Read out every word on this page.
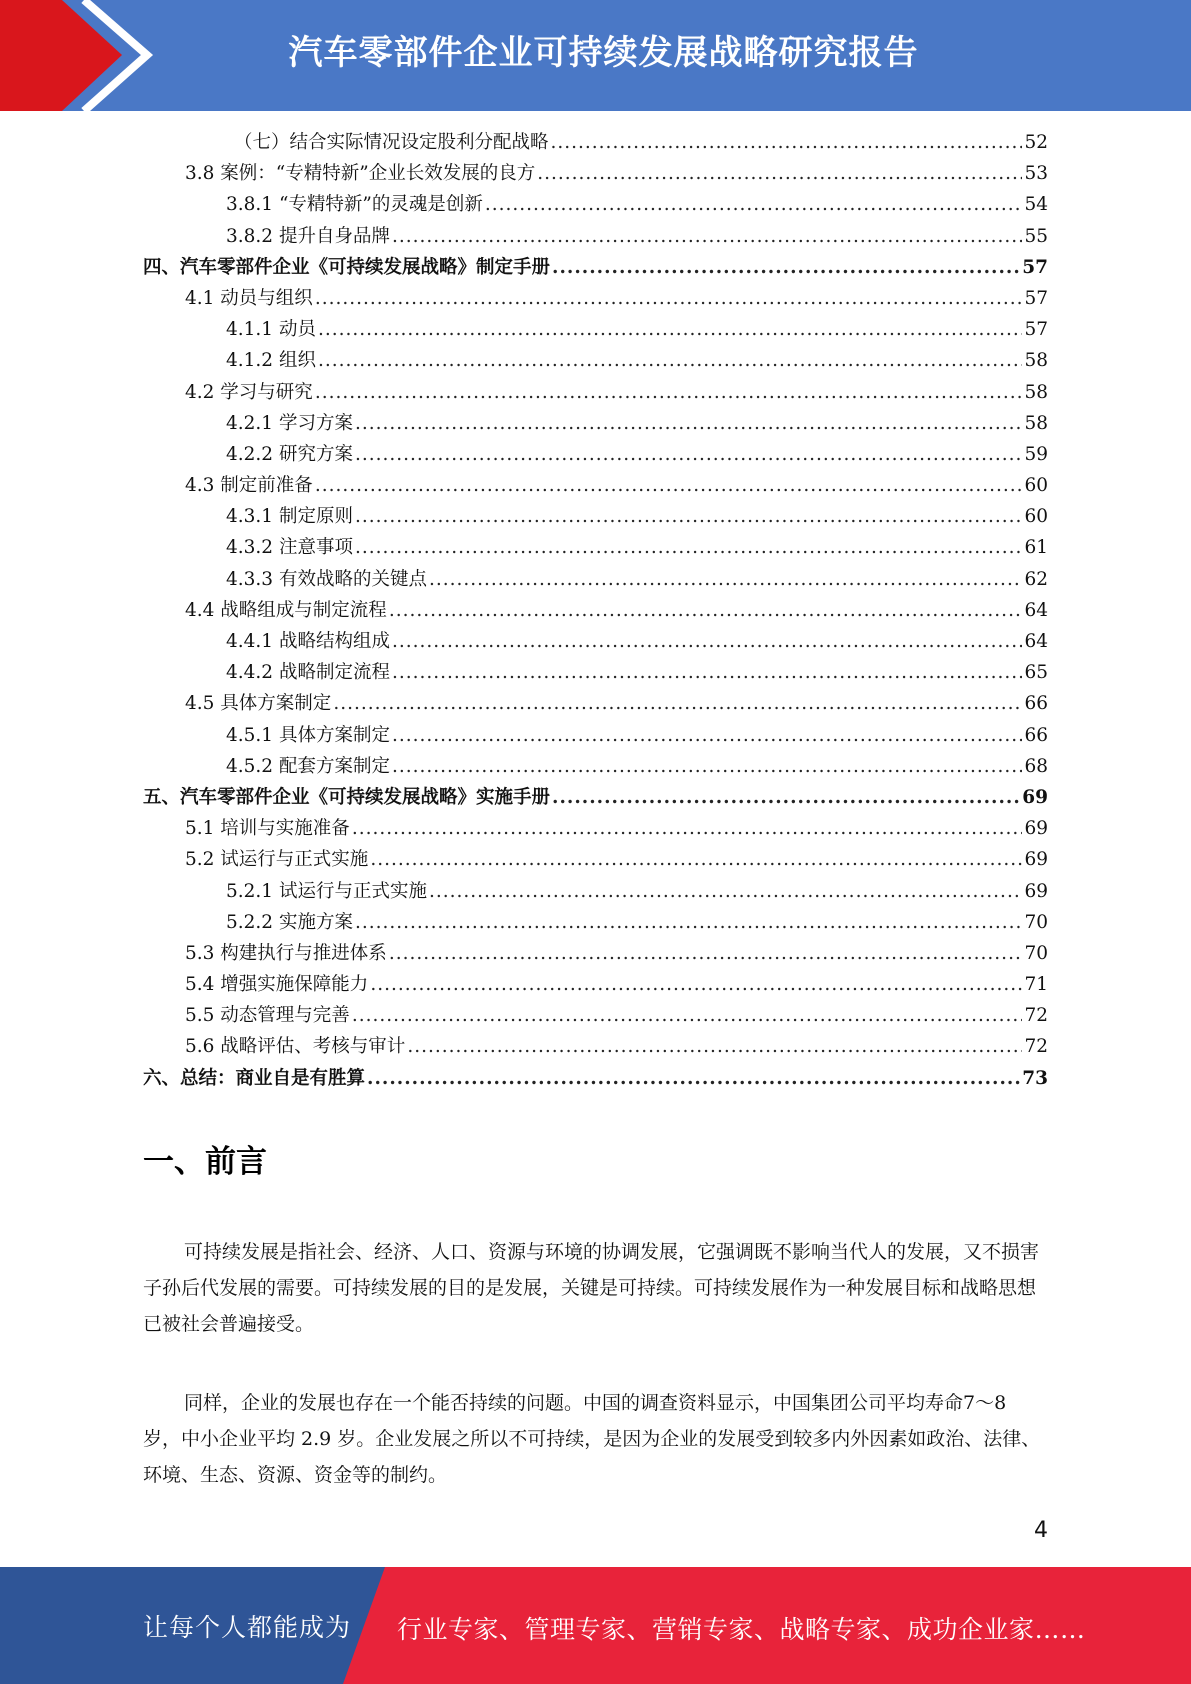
汽车零部件企业可持续发展战略研究报告
（七）结合实际情况设定股利分配战略 .....	52
3.8 案例：“专精特新”企业长效发展的良方 .....	53
3.8.1 “专精特新”的灵魂是创新 .....	54
3.8.2 提升自身品牌 .....	55
四、汽车零部件企业《可持续发展战略》制定手册 .....	57
4.1 动员与组织 .....	57
4.1.1 动员 .....	57
4.1.2 组织 .....	58
4.2 学习与研究 .....	58
4.2.1 学习方案 .....	58
4.2.2 研究方案 .....	59
4.3 制定前准备 .....	60
4.3.1 制定原则 .....	60
4.3.2 注意事项 .....	61
4.3.3 有效战略的关键点 .....	62
4.4 战略组成与制定流程 .....	64
4.4.1 战略结构组成 .....	64
4.4.2 战略制定流程 .....	65
4.5 具体方案制定 .....	66
4.5.1 具体方案制定 .....	66
4.5.2 配套方案制定 .....	68
五、汽车零部件企业《可持续发展战略》实施手册 .....	69
5.1 培训与实施准备 .....	69
5.2 试运行与正式实施 .....	69
5.2.1 试运行与正式实施 .....	69
5.2.2 实施方案 .....	70
5.3 构建执行与推进体系 .....	70
5.4 增强实施保障能力 .....	71
5.5 动态管理与完善 .....	72
5.6 战略评估、考核与审计 .....	72
六、总结：商业自是有胜算 .....	73
一、前言

可持续发展是指社会、经济、人口、资源与环境的协调发展，它强调既不影响当代人的发展，又不损害子孙后代发展的需要。可持续发展的目的是发展，关键是可持续。可持续发展作为一种发展目标和战略思想已被社会普遍接受。

同样，企业的发展也存在一个能否持续的问题。中国的调查资料显示，中国集团公司平均寿命7～8 岁，中小企业平均 2.9 岁。企业发展之所以不可持续，是因为企业的发展受到较多内外因素如政治、法律、环境、生态、资源、资金等的制约。

4
让每个人都能成为 行业专家、管理专家、营销专家、战略专家、成功企业家……
